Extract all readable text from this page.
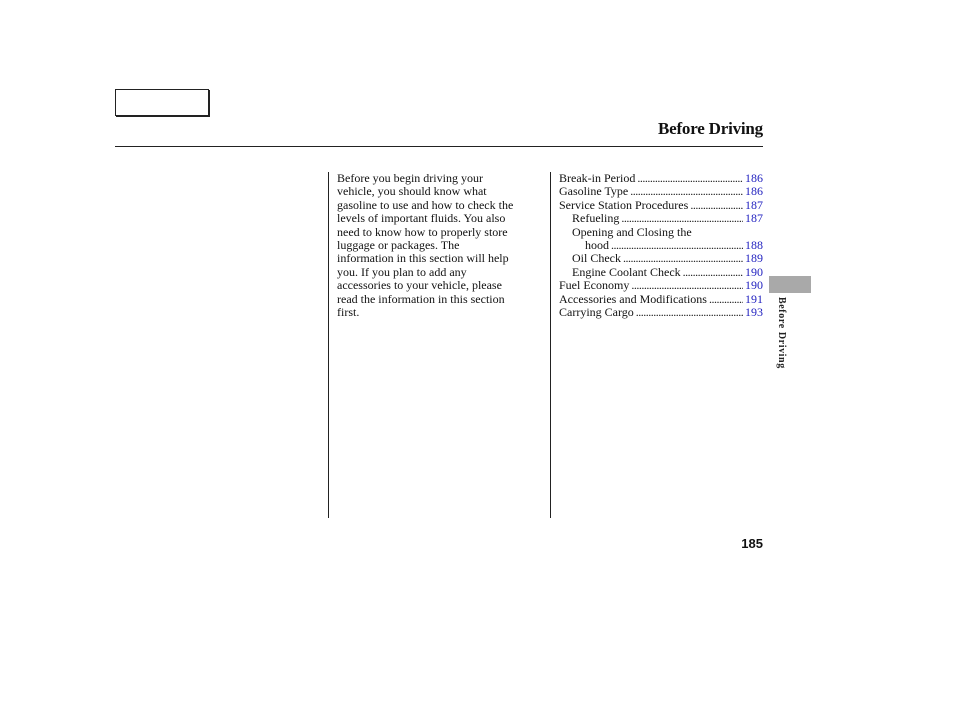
Before Driving
Before you begin driving your
vehicle, you should know what
gasoline to use and how to check the
levels of important fluids. You also
need to know how to properly store
luggage or packages. The
information in this section will help
you. If you plan to add any
accessories to your vehicle, please
read the information in this section
first.
Break-in Period .....	186
Gasoline Type .....	186
Service Station Procedures .....	187
Refueling .....	187
Opening and Closing the
hood .....	188
Oil Check .....	189
Engine Coolant Check .....	190
Fuel Economy .....	190
Accessories and Modifications .....	191
Carrying Cargo .....	193 Before Driving
185
